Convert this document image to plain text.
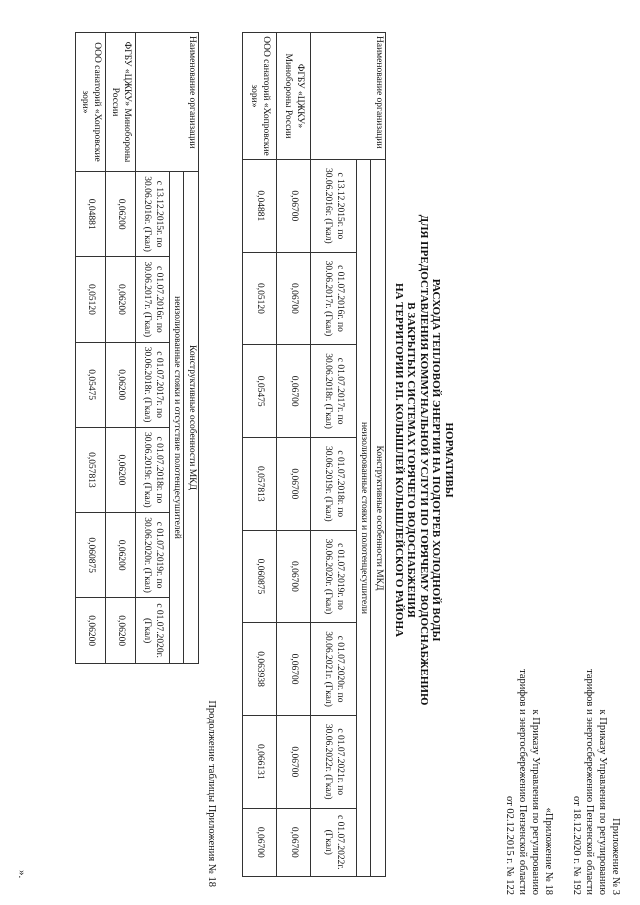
Приложение № 3
к Приказу Управления по регулированию
тарифов и энергосбережению Пензенской области
от 18.12.2020 г. № 192
«Приложение № 18
к Приказу Управления по регулированию
тарифов и энергосбережению Пензенской области
от 02.12.2015 г. № 122
НОРМАТИВЫ
РАСХОДА ТЕПЛОВОЙ ЭНЕРГИИ НА ПОДОГРЕВ ХОЛОДНОЙ ВОДЫ
ДЛЯ ПРЕДОСТАВЛЕНИЯ КОММУНАЛЬНОЙ УСЛУГИ ПО ГОРЯЧЕМУ ВОДОСНАБЖЕНИЮ
В ЗАКРЫТЫХ СИСТЕМАХ ГОРЯЧЕГО ВОДОСНАБЖЕНИЯ
НА ТЕРРИТОРИИ Р.П. КОЛЫШЛЕЙ КОЛЫШЛЕЙСКОГО РАЙОНА
Наименование организации	Конструктивные особенности МКД							
	неизолированные стояки и полотенцесушители							
	с 13.12.2015г. по 30.06.2016г. (Гкал)	с 01.07.2016г. по 30.06.2017г. (Гкал)	с 01.07.2017г. по 30.06.2018г. (Гкал)	с 01.07.2018г. по 30.06.2019г. (Гкал)	с 01.07.2019г. по 30.06.2020г. (Гкал)	с 01.07.2020г. по 30.06.2021г. (Гкал)	с 01.07.2021г. по 30.06.2022г. (Гкал)	с 01.07.2022г. (Гкал)
ФГБУ «ЦЖКУ» Минобороны России	0,06700	0,06700	0,06700	0,06700	0,06700	0,06700	0,06700	0,06700
ООО санаторий «Хопровские зори»	0,04881	0,05120	0,05475	0,057813	0,060875	0,063938	0,066131	0,06700
Продолжение таблицы Приложения № 18
Наименование организации	Конструктивные особенности МКД					
	неизолированные стояки и отсутствие полотенцесушителей					
	с 13.12.2015г. по 30.06.2016г. (Гкал)	с 01.07.2016г. по 30.06.2017г. (Гкал)	с 01.07.2017г. по 30.06.2018г. (Гкал)	с 01.07.2018г. по 30.06.2019г. (Гкал)	с 01.07.2019г. по 30.06.2020г. (Гкал)	с 01.07.2020г. (Гкал)
ФГБУ «ЦЖКУ» Минобороны России	0,06200	0,06200	0,06200	0,06200	0,06200	0,06200
ООО санаторий «Хопровские зори»	0,04881	0,05120	0,05475	0,057813	0,060875	0,06200
».
